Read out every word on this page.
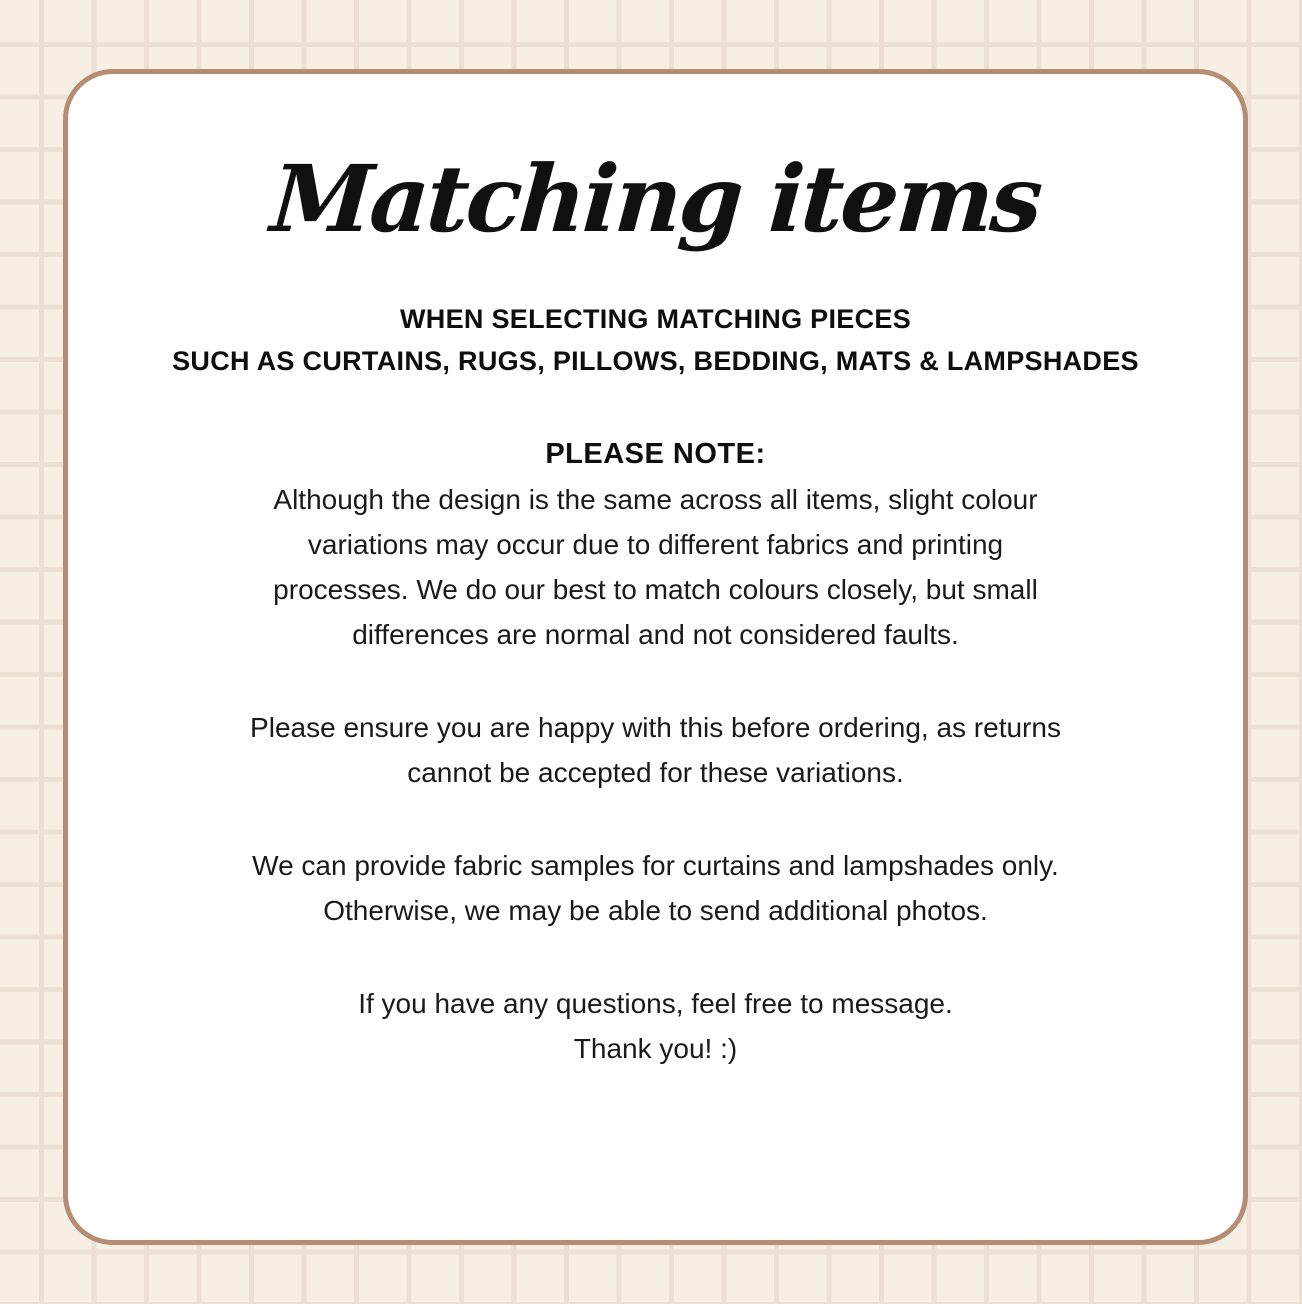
Matching items
WHEN SELECTING MATCHING PIECES
SUCH AS CURTAINS, RUGS, PILLOWS, BEDDING, MATS & LAMPSHADES
PLEASE NOTE:
Although the design is the same across all items, slight colour
variations may occur due to different fabrics and printing
processes. We do our best to match colours closely, but small
differences are normal and not considered faults.
Please ensure you are happy with this before ordering, as returns
cannot be accepted for these variations.
We can provide fabric samples for curtains and lampshades only.
Otherwise, we may be able to send additional photos.
If you have any questions, feel free to message.
Thank you! :)
